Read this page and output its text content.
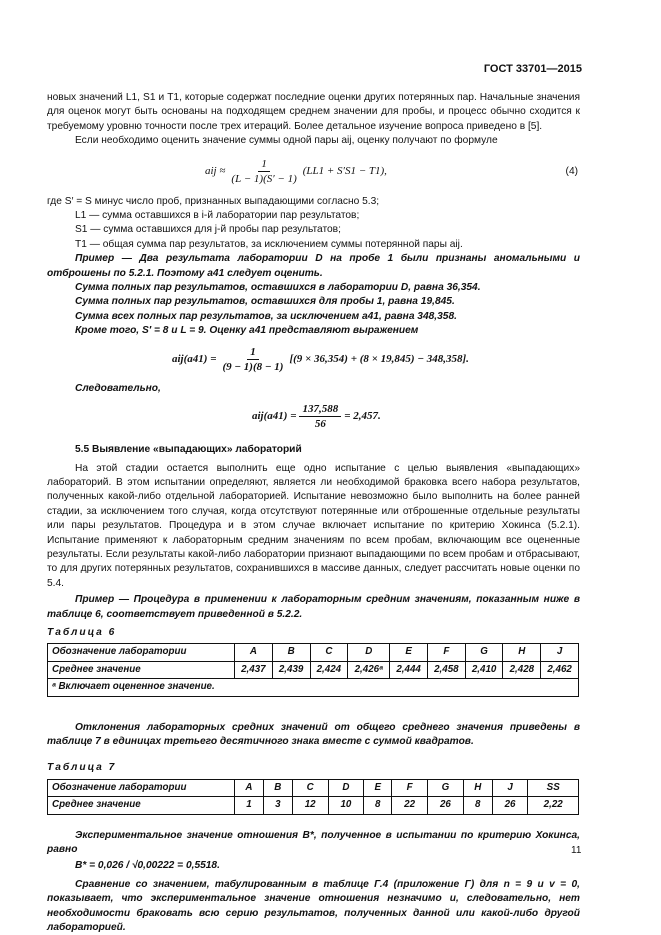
ГОСТ 33701—2015

новых значений L1, S1 и T1, которые содержат последние оценки других потерянных пар. Начальные значения для оценок могут быть основаны на подходящем среднем значении для пробы, и процесс обычно сходится к требуемому уровню точности после трех итераций. Более детальное изучение вопроса приведено в [5].

Если необходимо оценить значение суммы одной пары aij, оценку получают по формуле

aij ≈ $\frac{1}{(L - 1)(S' - 1)} (LL1 + S'S1 - T1)$,	(4)

где S′ = S минус число проб, признанных выпадающими согласно 5.3;

L1 — сумма оставшихся в i-й лаборатории пар результатов;

S1 — сумма оставшихся для j-й пробы пар результатов;

T1 — общая сумма пар результатов, за исключением суммы потерянной пары aij.

Пример — Два результата лаборатории D на пробе 1 были признаны аномальными и отброшены по 5.2.1. Поэтому a41 следует оценить.

Сумма полных пар результатов, оставшихся в лаборатории D, равна 36,354.

Сумма полных пар результатов, оставшихся для пробы 1, равна 19,845.

Сумма всех полных пар результатов, за исключением a41, равна 348,358.

Кроме того, S′ = 8 и L = 9. Оценку a41 представляют выражением

$aij(a41) = \frac{1}{(9 - 1)(8 - 1)} [(9 \times 36,354) + (8 \times 19,845) - 348,358]$.

Следовательно,

$aij(a41) = \frac{137,588}{56} = 2,457$.

5.5 Выявление «выпадающих» лабораторий

На этой стадии остается выполнить еще одно испытание с целью выявления «выпадающих» лабораторий. В этом испытании определяют, является ли необходимой браковка всего набора результатов, полученных какой-либо отдельной лабораторией. Испытание невозможно было выполнить на более ранней стадии, за исключением того случая, когда отсутствуют потерянные или отброшенные отдельные результаты или пары результатов. Процедура и в этом случае включает испытание по критерию Хокинса (5.2.1). Испытание применяют к лабораторным средним значениям по всем пробам, включающим все оцененные результаты. Если результаты какой-либо лаборатории признают выпадающими по всем пробам и отбрасывают, то для других потерянных результатов, сохранившихся в массиве данных, следует рассчитать новые оценки по 5.4.

Пример — Процедура в применении к лабораторным средним значениям, показанным ниже в таблице 6, соответствует приведенной в 5.2.2.

Таблица 6

Обозначение лаборатории	A	B	C	D	E	F	G	H	J
Среднее значение	2,437	2,439	2,424	2,426ᵃ	2,444	2,458	2,410	2,428	2,462
ᵃ Включает оцененное значение.									

Отклонения лабораторных средних значений от общего среднего значения приведены в таблице 7 в единицах третьего десятичного знака вместе с суммой квадратов.

Таблица 7

Обозначение лаборатории	A	B	C	D	E	F	G	H	J	SS
Среднее значение	1	3	12	10	8	22	26	8	26	2,22

Экспериментальное значение отношения B*, полученное в испытании по критерию Хокинса, равно

B* = 0,026 / √0,00222 = 0,5518.

Сравнение со значением, табулированным в таблице Г.4 (приложение Г) для n = 9 и v = 0, показывает, что экспериментальное значение отношения незначимо и, следовательно, нет необходимости браковать всю серию результатов, полученных данной или какой-либо другой лабораторией.

11
